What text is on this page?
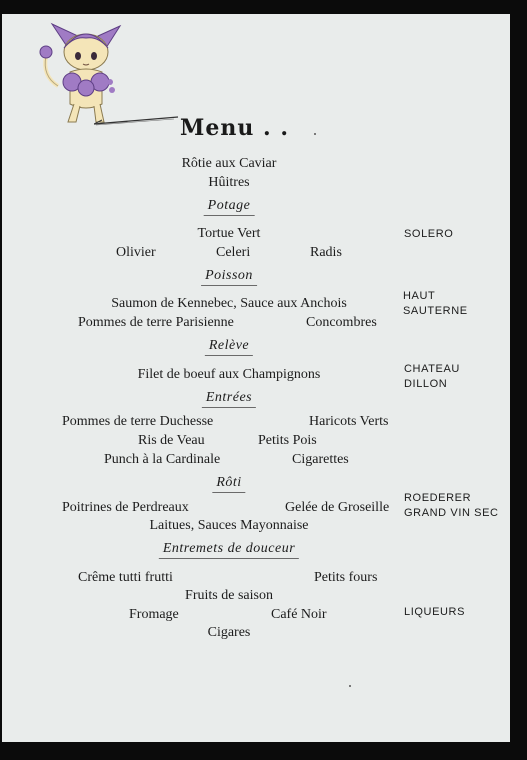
Menu . .
Rôtie aux Caviar
Hûitres
Potage
Tortue Vert
Olivier	Celeri	Radis
SOLERO
Poisson
Saumon de Kennebec, Sauce aux Anchois
Pommes de terre Parisienne	Concombres
HAUT
SAUTERNE
Relève
Filet de boeuf aux Champignons	CHATEAU
DILLON
Entrées
Pommes de terre Duchesse	Haricots Verts
Ris de Veau	Petits Pois
Punch à la Cardinale	Cigarettes
Rôti
Poitrines de Perdreaux	Gelée de Groseille
Laitues, Sauces Mayonnaise
ROEDERER
GRAND VIN SEC
Entremets de douceur
Crême tutti frutti	Petits fours
Fruits de saison
Fromage	Café Noir
Cigares
LIQUEURS
